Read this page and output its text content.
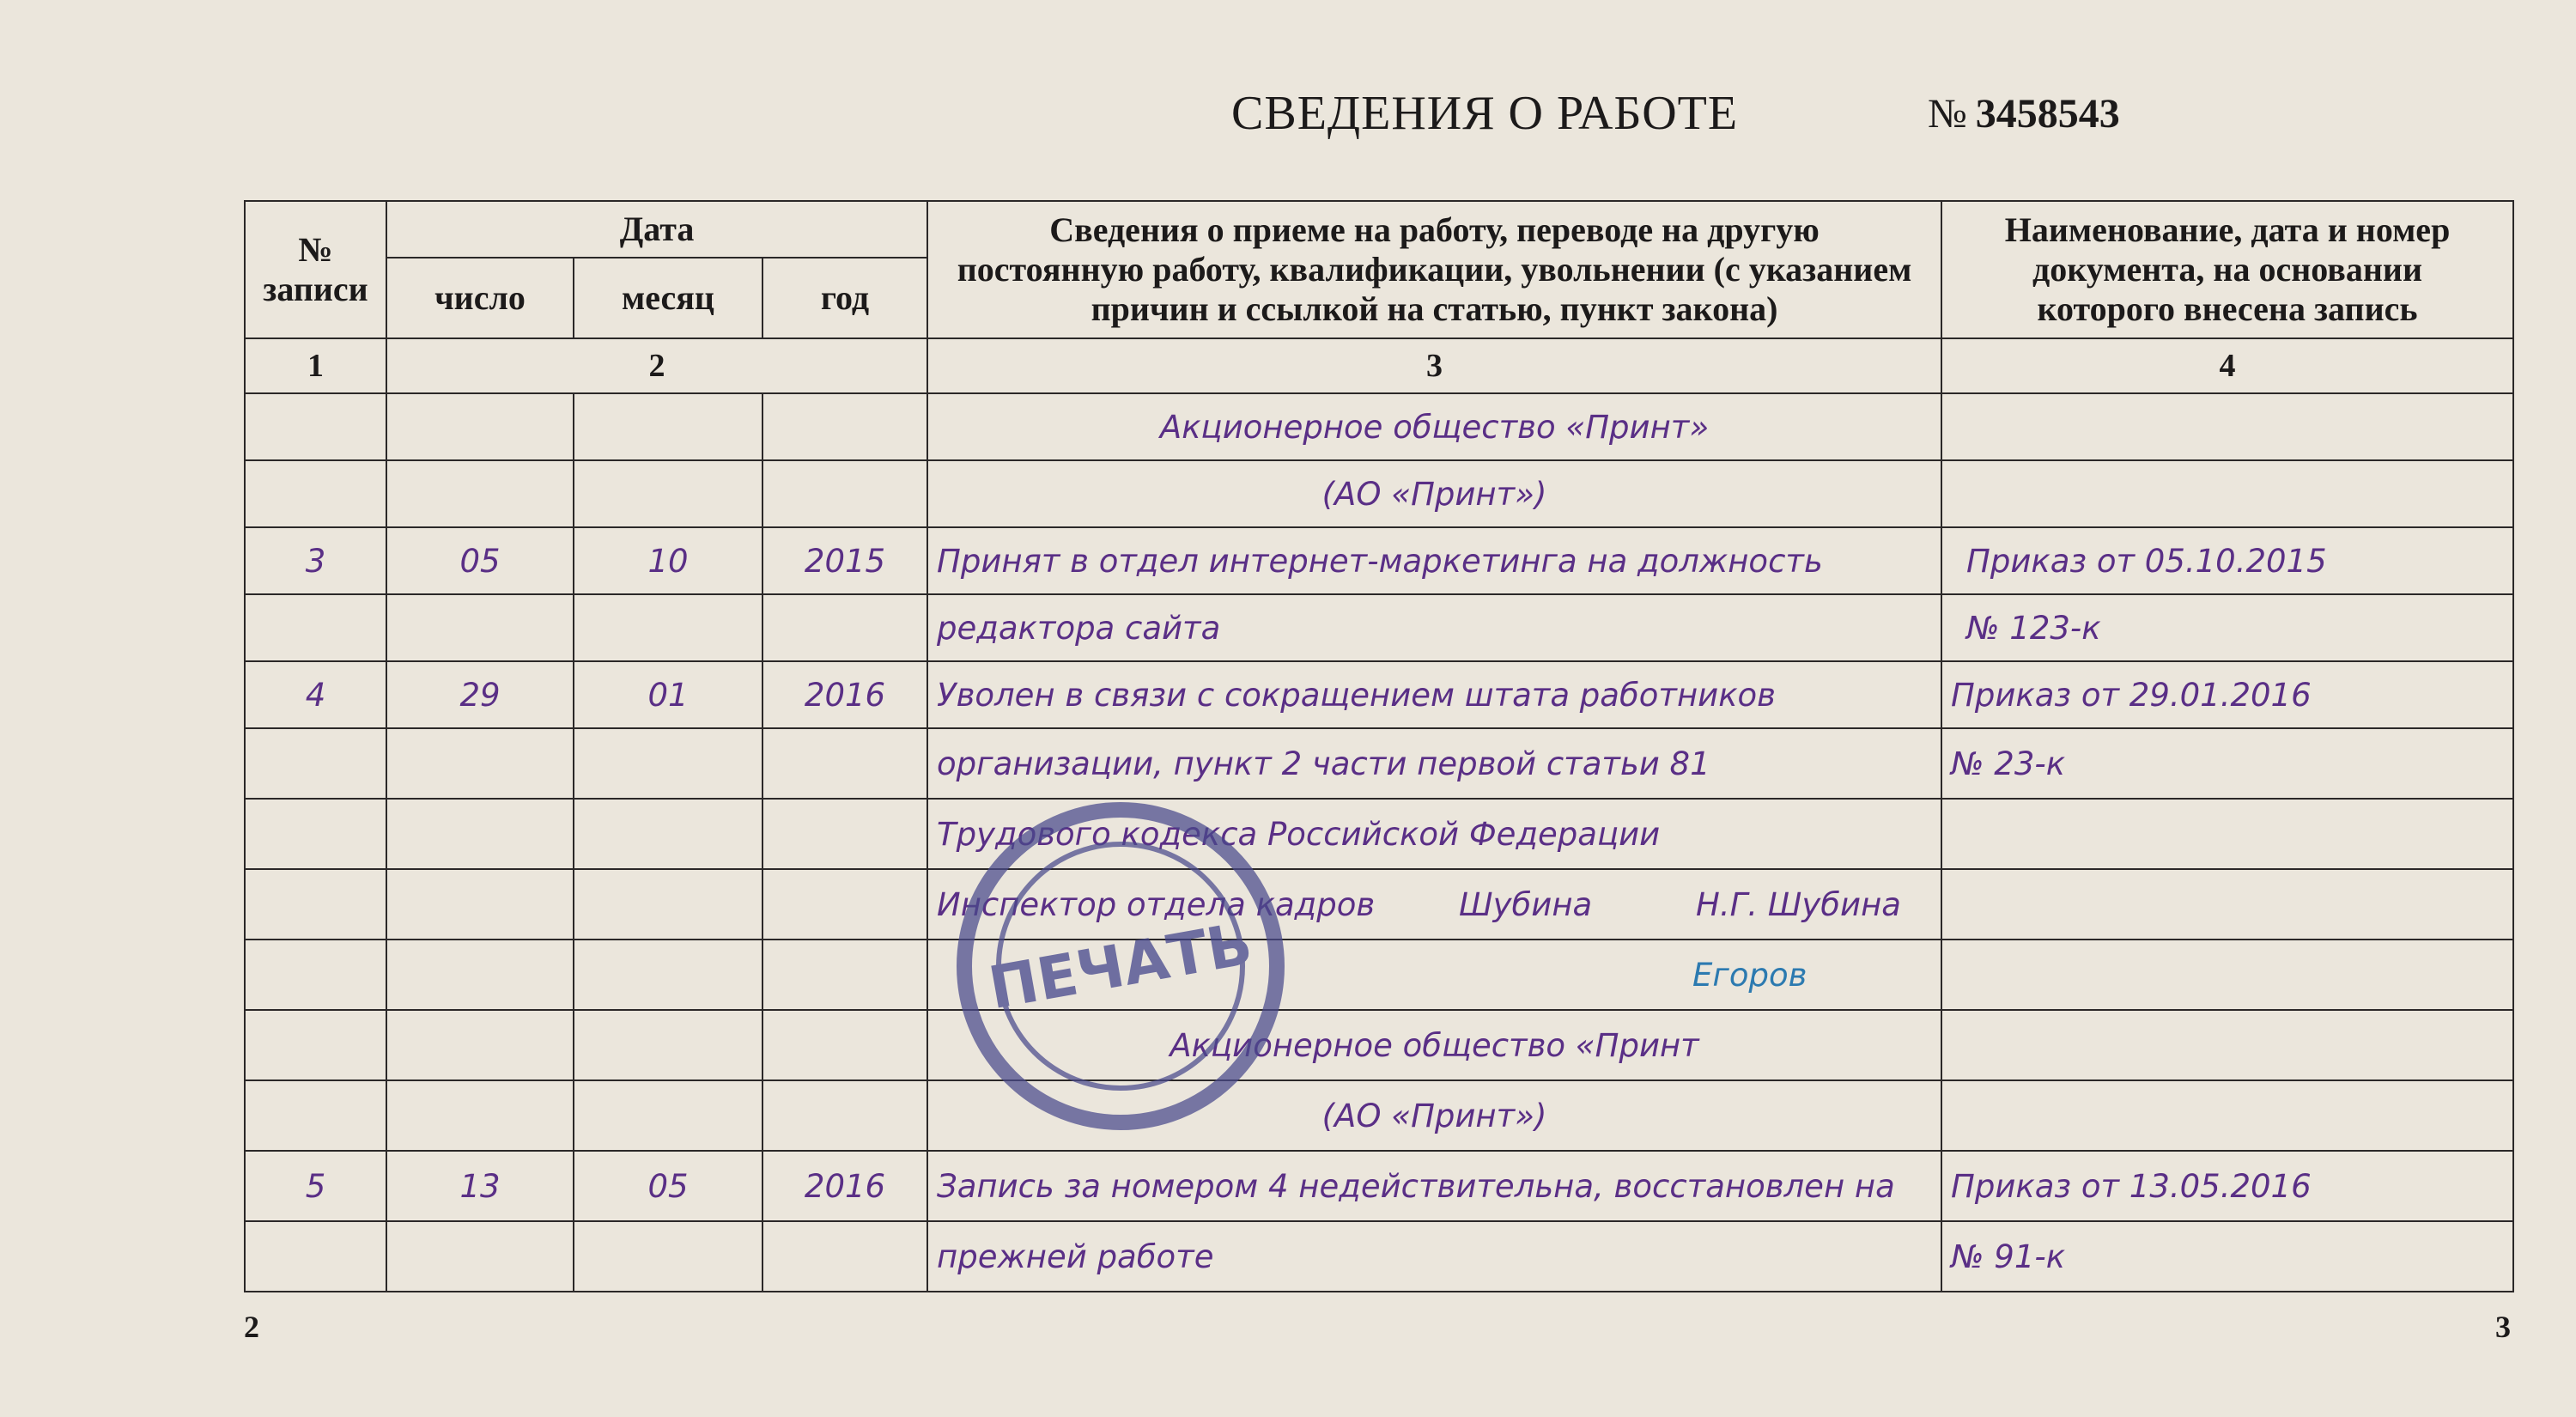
СВЕДЕНИЯ О РАБОТЕ	№ 3458543
№ записи	Дата			Сведения о приеме на работу, переводе на другую постоянную работу, квалификации, увольнении (с указанием причин и ссылкой на статью, пункт закона)	Наименование, дата и номер документа, на основании которого внесена запись
	число	месяц	год		
1	2			3	4
				Акционерное общество «Принт»	
				(АО «Принт»)	
3	05	10	2015	Принят в отдел интернет-маркетинга на должность	Приказ от 05.10.2015
				редактора сайта	№ 123-к
4	29	01	2016	Уволен в связи с сокращением штата работников	Приказ от 29.01.2016
				организации, пункт 2 части первой статьи 81	№ 23-к
				Трудового кодекса Российской Федерации	

				Инспектор отдела кадров Шубина Н.Г. Шубина	

				Егоров	
				Акционерное общество «Принт	
				(АО «Принт»)	
5	13	05	2016	Запись за номером 4 недействительна, восстановлен на	Приказ от 13.05.2016
				прежней работе	№ 91-к
ПЕЧАТЬ
2	3
